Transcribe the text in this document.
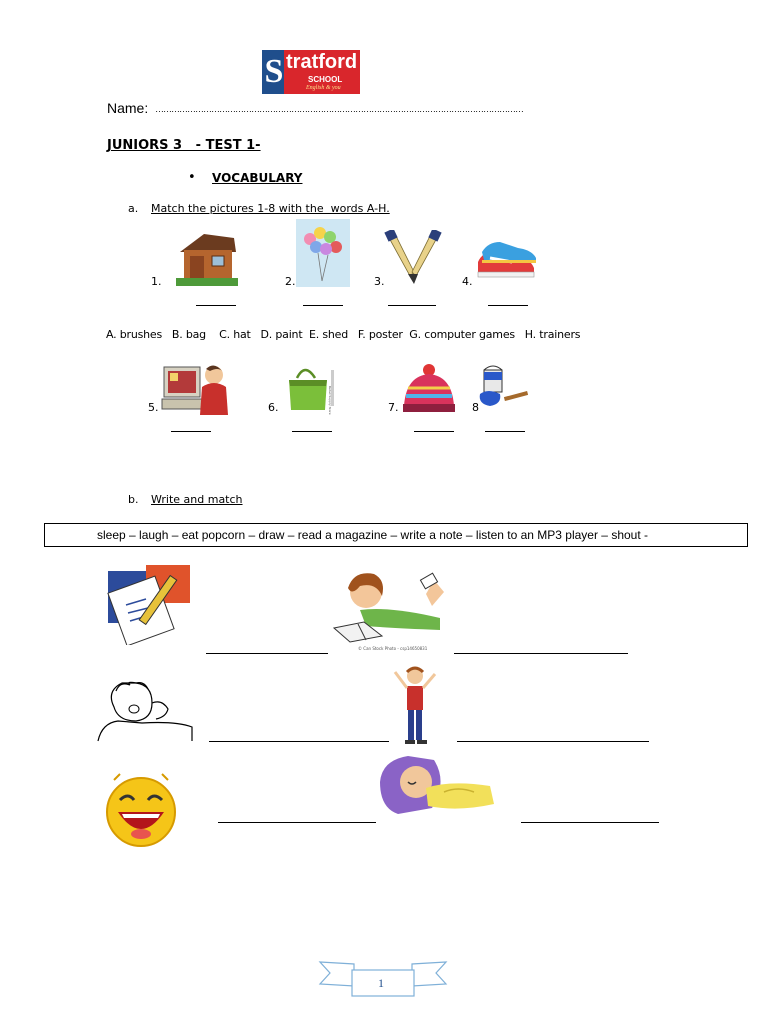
S tratford
SCHOOL
English & you
Name: …………………………………………………………………………………………………………………………
JUNIORS 3   - TEST 1-
• VOCABULARY
a. Match the pictures 1-8 with the  words A-H.
1.	2.	3.	4.
A. brushes   B. bag    C. hat   D. paint  E. shed   F. poster  G. computer games   H. trainers
5.	6.	Retail Supply Store	7.	8
b. Write and match
sleep – laugh – eat popcorn – draw – read a magazine – write a note – listen to an MP3 player – shout -
© Can Stock Photo - csp14650831
1
